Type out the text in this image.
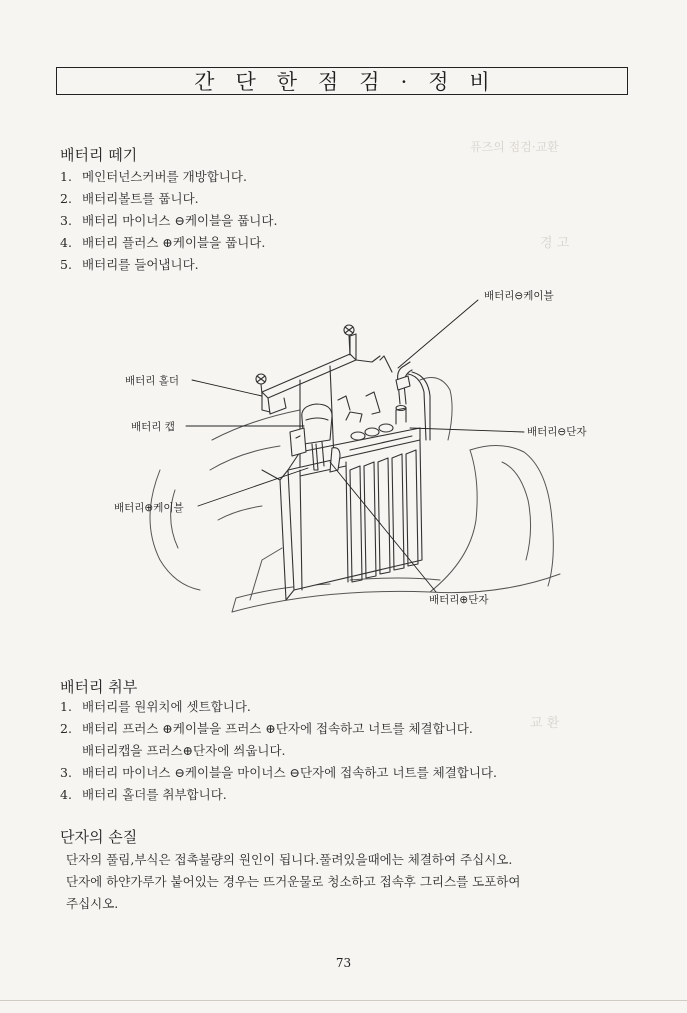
간단한점검·정비
퓨즈의 점검·교환
경 고
교 환
배터리 떼기
1. 메인터넌스커버를 개방합니다.
2. 배터리볼트를 풉니다.
3. 배터리 마이너스 ⊖케이블을 풉니다.
4. 배터리 플러스 ⊕케이블을 풉니다.
5. 배터리를 들어냅니다.
배터리⊖케이블
배터리 홀더
배터리 캡	배터리⊖단자
배터리⊕케이블
배터리⊕단자
배터리 취부
1. 배터리를 원위치에 셋트합니다.
2. 배터리 프러스 ⊕케이블을 프러스 ⊕단자에 접속하고 너트를 체결합니다.
배터리캡을 프러스⊕단자에 씌웁니다.
3. 배터리 마이너스 ⊖케이블을 마이너스 ⊖단자에 접속하고 너트를 체결합니다.
4. 배터리 홀더를 취부합니다.
단자의 손질
단자의 풀림,부식은 접촉불량의 원인이 됩니다.풀려있을때에는 체결하여 주십시오.
단자에 하얀가루가 붙어있는 경우는 뜨거운물로 청소하고 접속후 그리스를 도포하여
주십시오.
73
